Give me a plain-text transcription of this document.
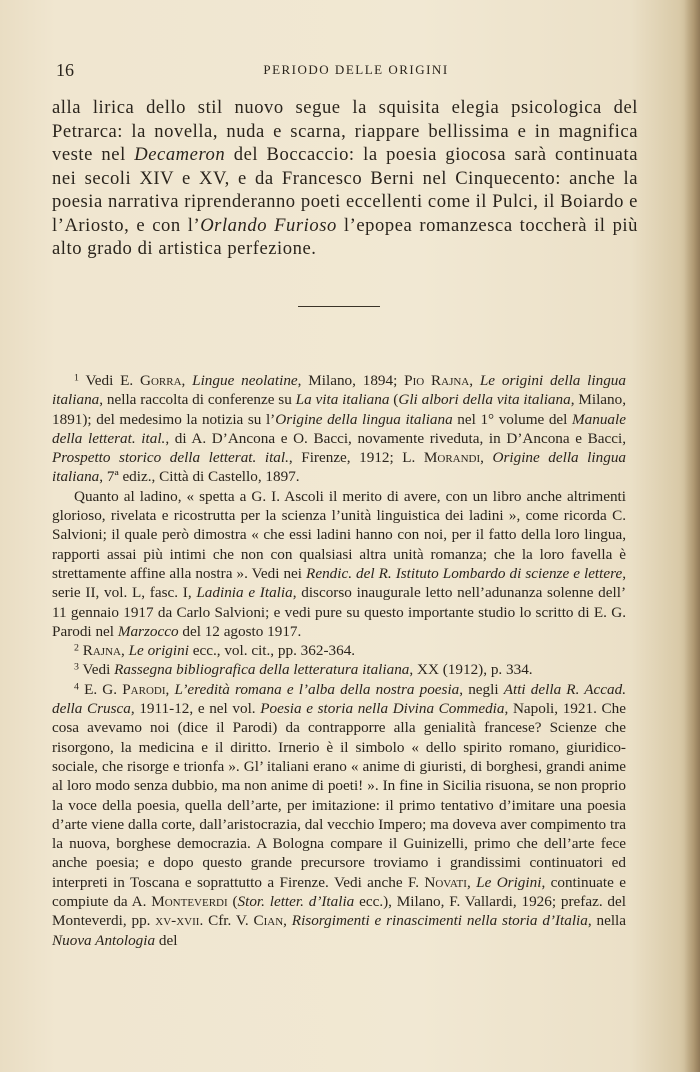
16	PERIODO DELLE ORIGINI

alla lirica dello stil nuovo segue la squisita elegia psicologica del Petrarca: la novella, nuda e scarna, riappare bellissima e in magnifica veste nel Decameron del Boccaccio: la poesia giocosa sarà continuata nei secoli XIV e XV, e da Francesco Berni nel Cinquecento: anche la poesia narrativa riprenderanno poeti eccellenti come il Pulci, il Boiardo e l’Ariosto, e con l’Orlando Furioso l’epopea romanzesca toccherà il più alto grado di artistica perfezione.

$^1$ Vedi E. Gorra, Lingue neolatine, Milano, 1894; Pio Rajna, Le origini della lingua italiana, nella raccolta di conferenze su La vita italiana (Gli albori della vita italiana, Milano, 1891); del medesimo la notizia su l’Origine della lingua italiana nel 1° volume del Manuale della letterat. ital., di A. D’Ancona e O. Bacci, novamente riveduta, in D’Ancona e Bacci, Prospetto storico della letterat. ital., Firenze, 1912; L. Morandi, Origine della lingua italiana, 7ª ediz., Città di Castello, 1897.

Quanto al ladino, « spetta a G. I. Ascoli il merito di avere, con un libro anche altrimenti glorioso, rivelata e ricostrutta per la scienza l’unità linguistica dei ladini », come ricorda C. Salvioni; il quale però dimostra « che essi ladini hanno con noi, per il fatto della loro lingua, rapporti assai più intimi che non con qualsiasi altra unità romanza; che la loro favella è strettamente affine alla nostra ». Vedi nei Rendic. del R. Istituto Lombardo di scienze e lettere, serie II, vol. L, fasc. I, Ladinia e Italia, discorso inaugurale letto nell’adunanza solenne dell’ 11 gennaio 1917 da Carlo Salvioni; e vedi pure su questo importante studio lo scritto di E. G. Parodi nel Marzocco del 12 agosto 1917.

$^2$ Rajna, Le origini ecc., vol. cit., pp. 362-364.

$^3$ Vedi Rassegna bibliografica della letteratura italiana, XX (1912), p. 334.

$^4$ E. G. Parodi, L’eredità romana e l’alba della nostra poesia, negli Atti della R. Accad. della Crusca, 1911-12, e nel vol. Poesia e storia nella Divina Commedia, Napoli, 1921. Che cosa avevamo noi (dice il Parodi) da contrapporre alla genialità francese? Scienze che risorgono, la medicina e il diritto. Irnerio è il simbolo « dello spirito romano, giuridico-sociale, che risorge e trionfa ». Gl’ italiani erano « anime di giuristi, di borghesi, grandi anime al loro modo senza dubbio, ma non anime di poeti! ». In fine in Sicilia risuona, se non proprio la voce della poesia, quella dell’arte, per imitazione: il primo tentativo d’imitare una poesia d’arte viene dalla corte, dall’aristocrazia, dal vecchio Impero; ma doveva aver compimento tra la nuova, borghese democrazia. A Bologna compare il Guinizelli, primo che dell’arte fece anche poesia; e dopo questo grande precursore troviamo i grandissimi continuatori ed interpreti in Toscana e soprattutto a Firenze. Vedi anche F. Novati, Le Origini, continuate e compiute da A. Monteverdi (Stor. letter. d’Italia ecc.), Milano, F. Vallardi, 1926; prefaz. del Monteverdi, pp. xv-xvii. Cfr. V. Cian, Risorgimenti e rinascimenti nella storia d’Italia, nella Nuova Antologia del
